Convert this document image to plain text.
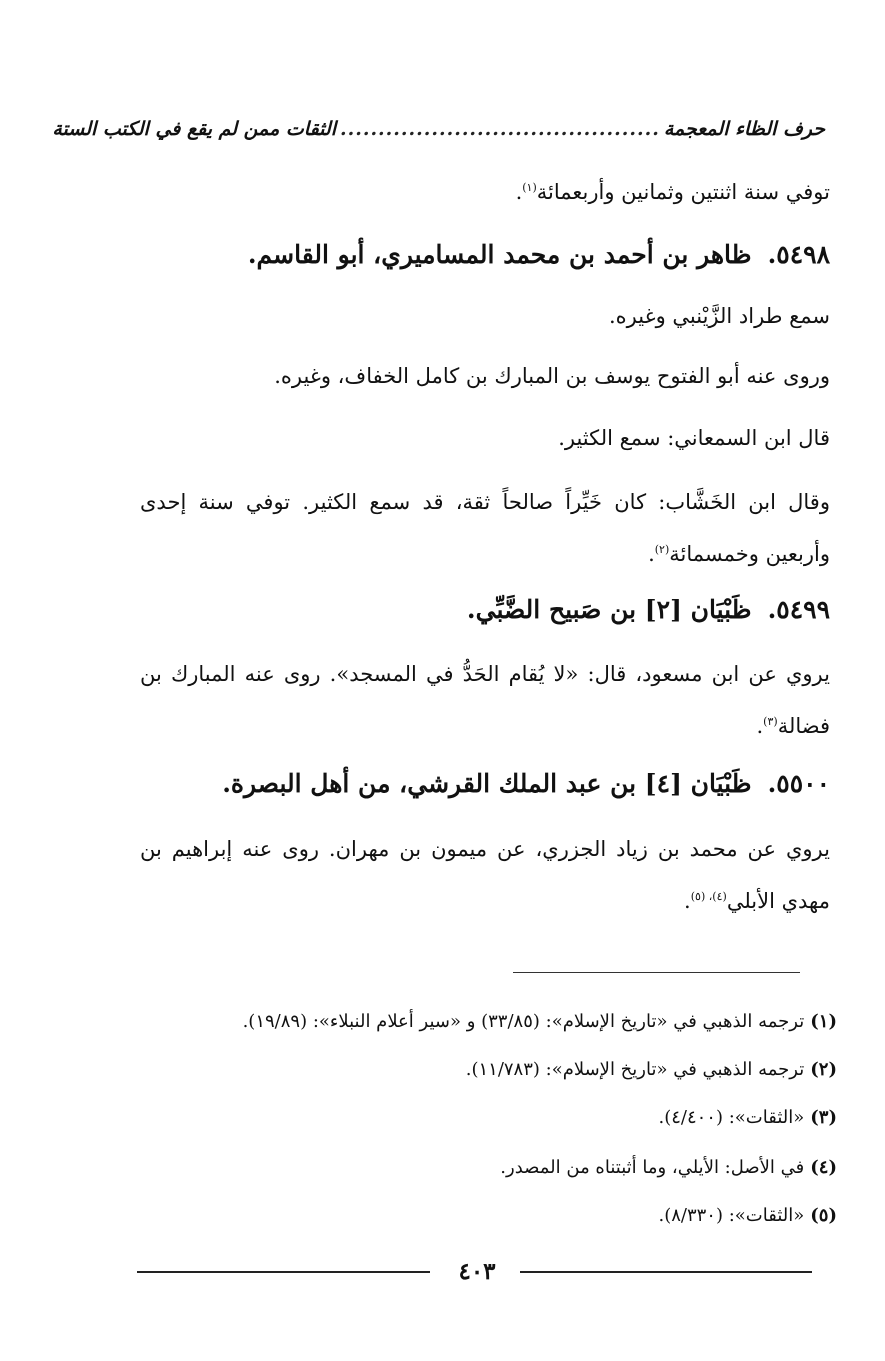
حرف الظاء المعجمة
..........................................
الثقات ممن لم يقع في الكتب الستة
توفي سنة اثنتين وثمانين وأربعمائة$^{(١)}$.
٥٤٩٨.ظاهر بن أحمد بن محمد المساميري، أبو القاسم.
سمع طراد الزَّيْنبي وغيره.
وروى عنه أبو الفتوح يوسف بن المبارك بن كامل الخفاف، وغيره.
قال ابن السمعاني: سمع الكثير.
وقال ابن الخَشَّاب: كان خَيِّراً صالحاً ثقة، قد سمع الكثير. توفي سنة إحدى وأربعين وخمسمائة$^{(٢)}$.
٥٤٩٩.ظَبْيَان [٢] بن صَبيح الضَّبِّي.
يروي عن ابن مسعود، قال: «لا يُقام الحَدُّ في المسجد». روى عنه المبارك بن فضالة$^{(٣)}$.
٥٥٠٠.ظَبْيَان [٤] بن عبد الملك القرشي، من أهل البصرة.
يروي عن محمد بن زياد الجزري، عن ميمون بن مهران. روى عنه إبراهيم بن مهدي الأبلي$^{(٤)، (٥)}$.
(١)ترجمه الذهبي في «تاريخ الإسلام»: (٣٣/٨٥) و «سير أعلام النبلاء»: (١٩/٨٩).
(٢)ترجمه الذهبي في «تاريخ الإسلام»: (١١/٧٨٣).
(٣)«الثقات»: (٤/٤٠٠).
(٤)في الأصل: الأيلي، وما أثبتناه من المصدر.
(٥)«الثقات»: (٨/٣٣٠).
٤٠٣
